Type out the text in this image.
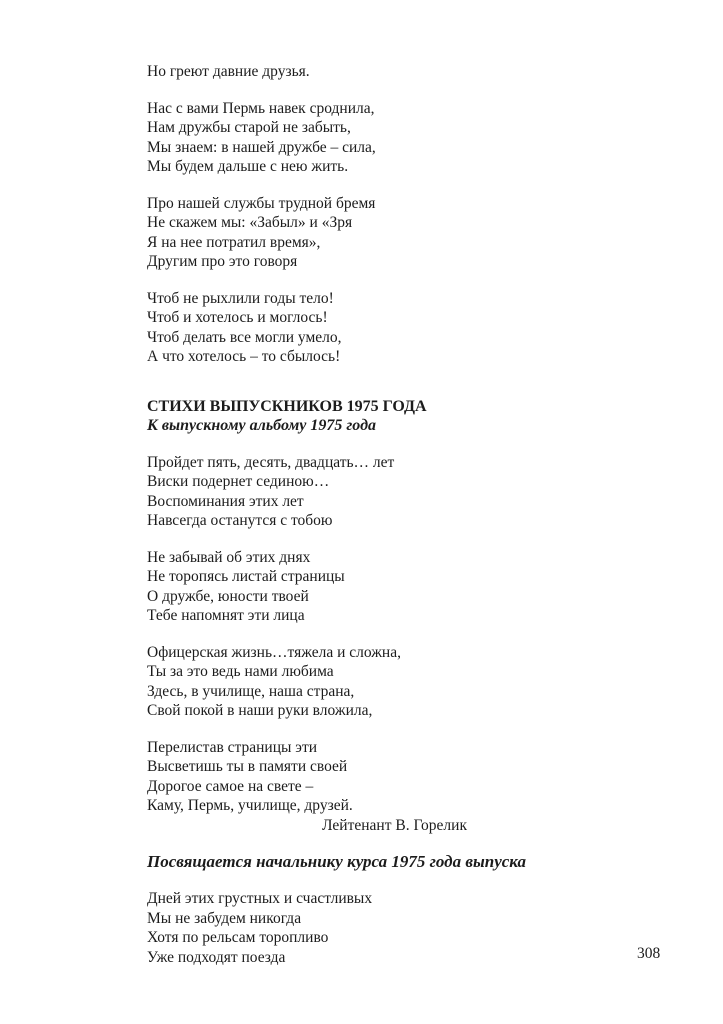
Но греют давние друзья.
Нас с вами Пермь навек сроднила,
Нам дружбы старой не забыть,
Мы знаем: в нашей дружбе – сила,
Мы будем дальше с нею жить.
Про нашей службы трудной бремя
Не скажем мы: «Забыл» и «Зря
Я на нее потратил время»,
Другим про это говоря
Чтоб не рыхлили годы тело!
Чтоб и хотелось и моглось!
Чтоб делать все могли умело,
А что хотелось – то сбылось!
СТИХИ ВЫПУСКНИКОВ 1975 ГОДА
К выпускному альбому 1975 года
Пройдет пять, десять, двадцать… лет
Виски подернет сединою…
Воспоминания этих лет
Навсегда останутся с тобою
Не забывай об этих днях
Не торопясь листай страницы
О дружбе, юности твоей
Тебе напомнят эти лица
Офицерская жизнь…тяжела и сложна,
Ты за это ведь нами любима
Здесь, в училище, наша страна,
Свой покой в наши руки вложила,
Перелистав страницы эти
Высветишь ты в памяти своей
Дорогое самое на свете –
Каму, Пермь, училище, друзей.
Лейтенант В. Горелик
Посвящается начальнику курса 1975 года выпуска
Дней этих грустных и счастливых
Мы не забудем никогда
Хотя по рельсам торопливо
Уже подходят поезда	308
